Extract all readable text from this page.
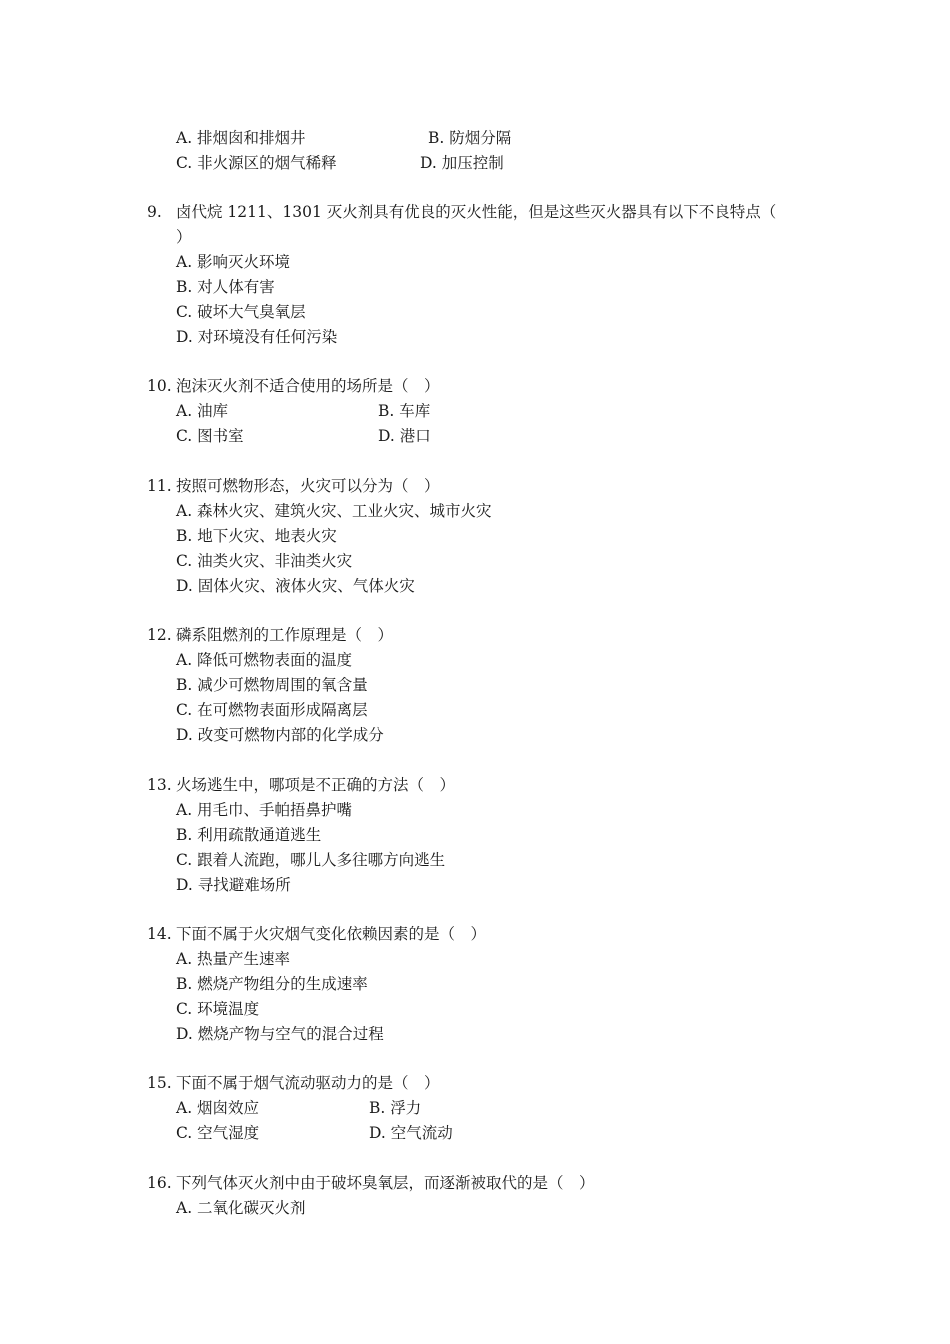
A. 排烟囱和排烟井	B. 防烟分隔
C. 非火源区的烟气稀释	D. 加压控制
9. 卤代烷 1211、1301 灭火剂具有优良的灭火性能，但是这些灭火器具有以下不良特点（
）
A. 影响灭火环境
B. 对人体有害
C. 破坏大气臭氧层
D. 对环境没有任何污染
10. 泡沫灭火剂不适合使用的场所是（　）
A. 油库	B. 车库
C. 图书室	D. 港口
11. 按照可燃物形态，火灾可以分为（　）
A. 森林火灾、建筑火灾、工业火灾、城市火灾
B. 地下火灾、地表火灾
C. 油类火灾、非油类火灾
D. 固体火灾、液体火灾、气体火灾
12. 磷系阻燃剂的工作原理是（　）
A. 降低可燃物表面的温度
B. 减少可燃物周围的氧含量
C. 在可燃物表面形成隔离层
D. 改变可燃物内部的化学成分
13. 火场逃生中，哪项是不正确的方法（　）
A. 用毛巾、手帕捂鼻护嘴
B. 利用疏散通道逃生
C. 跟着人流跑，哪儿人多往哪方向逃生
D. 寻找避难场所
14. 下面不属于火灾烟气变化依赖因素的是（　）
A. 热量产生速率
B. 燃烧产物组分的生成速率
C. 环境温度
D. 燃烧产物与空气的混合过程
15. 下面不属于烟气流动驱动力的是（　）
A. 烟囱效应	B. 浮力
C. 空气湿度	D. 空气流动
16. 下列气体灭火剂中由于破坏臭氧层，而逐渐被取代的是（　）
A. 二氧化碳灭火剂
